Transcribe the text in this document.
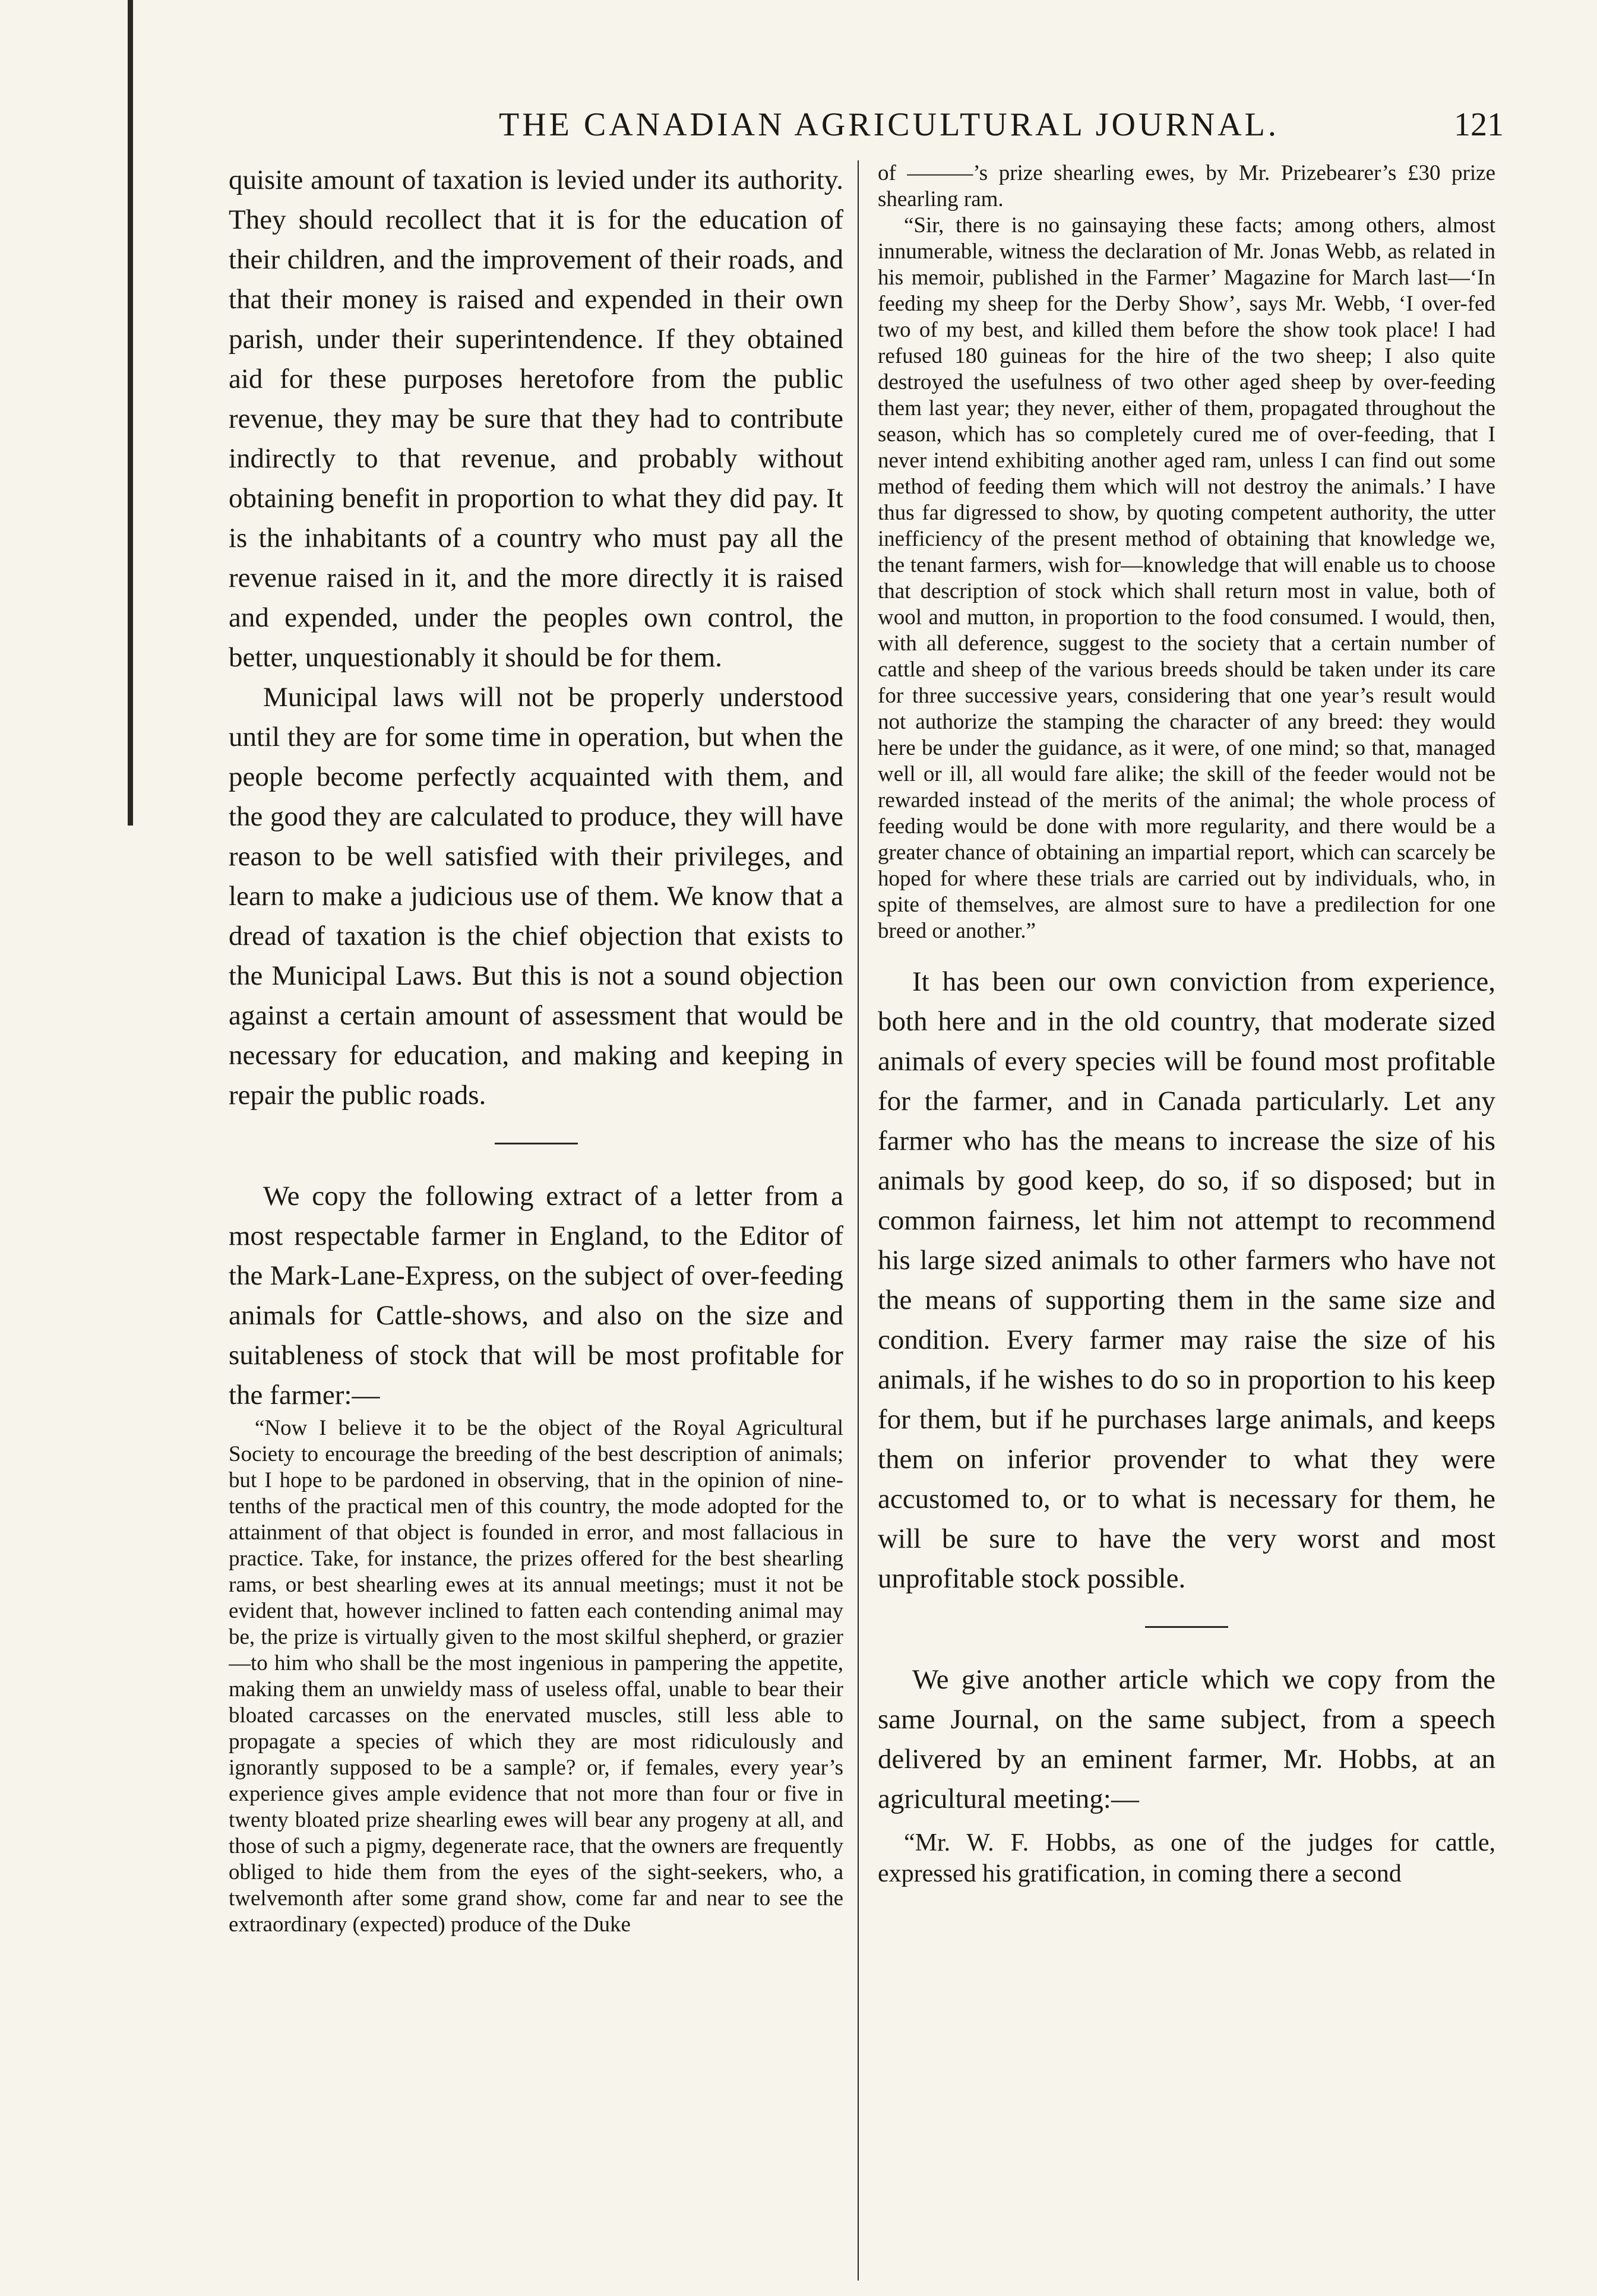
THE CANADIAN AGRICULTURAL JOURNAL.	121

quisite amount of taxation is levied under its authority. They should recollect that it is for the education of their children, and the improvement of their roads, and that their money is raised and expended in their own parish, under their superintendence. If they obtained aid for these purposes heretofore from the public revenue, they may be sure that they had to contribute indirectly to that revenue, and probably without obtaining benefit in proportion to what they did pay. It is the inhabitants of a country who must pay all the revenue raised in it, and the more directly it is raised and expended, under the peoples own control, the better, unquestionably it should be for them.

Municipal laws will not be properly understood until they are for some time in operation, but when the people become perfectly acquainted with them, and the good they are calculated to produce, they will have reason to be well satisfied with their privileges, and learn to make a judicious use of them. We know that a dread of taxation is the chief objection that exists to the Municipal Laws. But this is not a sound objection against a certain amount of assessment that would be necessary for education, and making and keeping in repair the public roads.

We copy the following extract of a letter from a most respectable farmer in England, to the Editor of the Mark-Lane-Express, on the subject of over-feeding animals for Cattle-shows, and also on the size and suitableness of stock that will be most profitable for the farmer:—

“Now I believe it to be the object of the Royal Agricultural Society to encourage the breeding of the best description of animals; but I hope to be pardoned in observing, that in the opinion of nine-tenths of the practical men of this country, the mode adopted for the attainment of that object is founded in error, and most fallacious in practice. Take, for instance, the prizes offered for the best shearling rams, or best shearling ewes at its annual meetings; must it not be evident that, however inclined to fatten each contending animal may be, the prize is virtually given to the most skilful shepherd, or grazier—to him who shall be the most ingenious in pampering the appetite, making them an unwieldy mass of useless offal, unable to bear their bloated carcasses on the enervated muscles, still less able to propagate a species of which they are most ridiculously and ignorantly supposed to be a sample? or, if females, every year’s experience gives ample evidence that not more than four or five in twenty bloated prize shearling ewes will bear any progeny at all, and those of such a pigmy, degenerate race, that the owners are frequently obliged to hide them from the eyes of the sight-seekers, who, a twelvemonth after some grand show, come far and near to see the extraordinary (expected) produce of the Duke

of ———’s prize shearling ewes, by Mr. Prizebearer’s £30 prize shearling ram.

“Sir, there is no gainsaying these facts; among others, almost innumerable, witness the declaration of Mr. Jonas Webb, as related in his memoir, published in the Farmer’ Magazine for March last—‘In feeding my sheep for the Derby Show’, says Mr. Webb, ‘I over-fed two of my best, and killed them before the show took place! I had refused 180 guineas for the hire of the two sheep; I also quite destroyed the usefulness of two other aged sheep by over-feeding them last year; they never, either of them, propagated throughout the season, which has so completely cured me of over-feeding, that I never intend exhibiting another aged ram, unless I can find out some method of feeding them which will not destroy the animals.’ I have thus far digressed to show, by quoting competent authority, the utter inefficiency of the present method of obtaining that knowledge we, the tenant farmers, wish for—knowledge that will enable us to choose that description of stock which shall return most in value, both of wool and mutton, in proportion to the food consumed. I would, then, with all deference, suggest to the society that a certain number of cattle and sheep of the various breeds should be taken under its care for three successive years, considering that one year’s result would not authorize the stamping the character of any breed: they would here be under the guidance, as it were, of one mind; so that, managed well or ill, all would fare alike; the skill of the feeder would not be rewarded instead of the merits of the animal; the whole process of feeding would be done with more regularity, and there would be a greater chance of obtaining an impartial report, which can scarcely be hoped for where these trials are carried out by individuals, who, in spite of themselves, are almost sure to have a predilection for one breed or another.”

It has been our own conviction from experience, both here and in the old country, that moderate sized animals of every species will be found most profitable for the farmer, and in Canada particularly. Let any farmer who has the means to increase the size of his animals by good keep, do so, if so disposed; but in common fairness, let him not attempt to recommend his large sized animals to other farmers who have not the means of supporting them in the same size and condition. Every farmer may raise the size of his animals, if he wishes to do so in proportion to his keep for them, but if he purchases large animals, and keeps them on inferior provender to what they were accustomed to, or to what is necessary for them, he will be sure to have the very worst and most unprofitable stock possible.

We give another article which we copy from the same Journal, on the same subject, from a speech delivered by an eminent farmer, Mr. Hobbs, at an agricultural meeting:—

“Mr. W. F. Hobbs, as one of the judges for cattle, expressed his gratification, in coming there a second
